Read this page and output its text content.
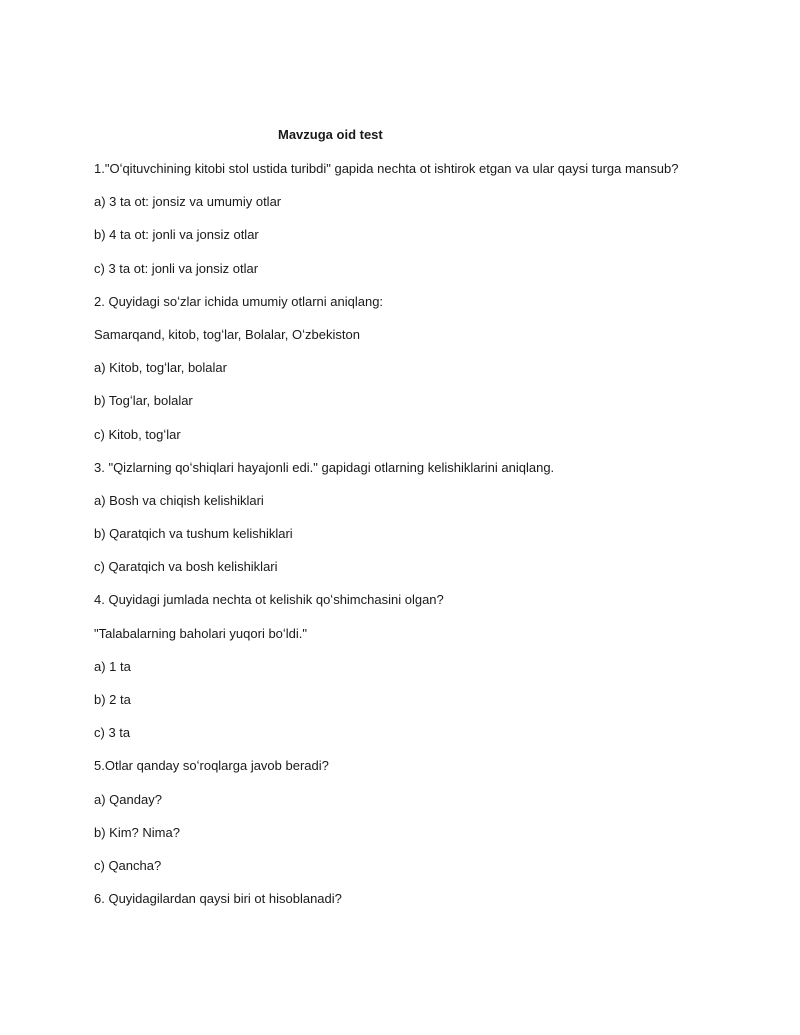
Mavzuga oid test
1."Oʻqituvchining kitobi stol ustida turibdi" gapida nechta ot ishtirok etgan va ular qaysi turga mansub?
a) 3 ta ot: jonsiz va umumiy otlar
b) 4 ta ot: jonli va jonsiz otlar
c) 3 ta ot: jonli va jonsiz otlar
2. Quyidagi soʻzlar ichida umumiy otlarni aniqlang:
Samarqand, kitob, togʻlar, Bolalar, Oʻzbekiston
a) Kitob, togʻlar, bolalar
b) Togʻlar, bolalar
c) Kitob, togʻlar
3. "Qizlarning qoʻshiqlari hayajonli edi." gapidagi otlarning kelishiklarini aniqlang.
a) Bosh va chiqish kelishiklari
b) Qaratqich va tushum kelishiklari
c) Qaratqich va bosh kelishiklari
4. Quyidagi jumlada nechta ot kelishik qoʻshimchasini olgan?
"Talabalarning baholari yuqori boʻldi."
a) 1 ta
b) 2 ta
c) 3 ta
5.Otlar qanday soʻroqlarga javob beradi?
a) Qanday?
b) Kim? Nima?
c) Qancha?
6. Quyidagilardan qaysi biri ot hisoblanadi?
